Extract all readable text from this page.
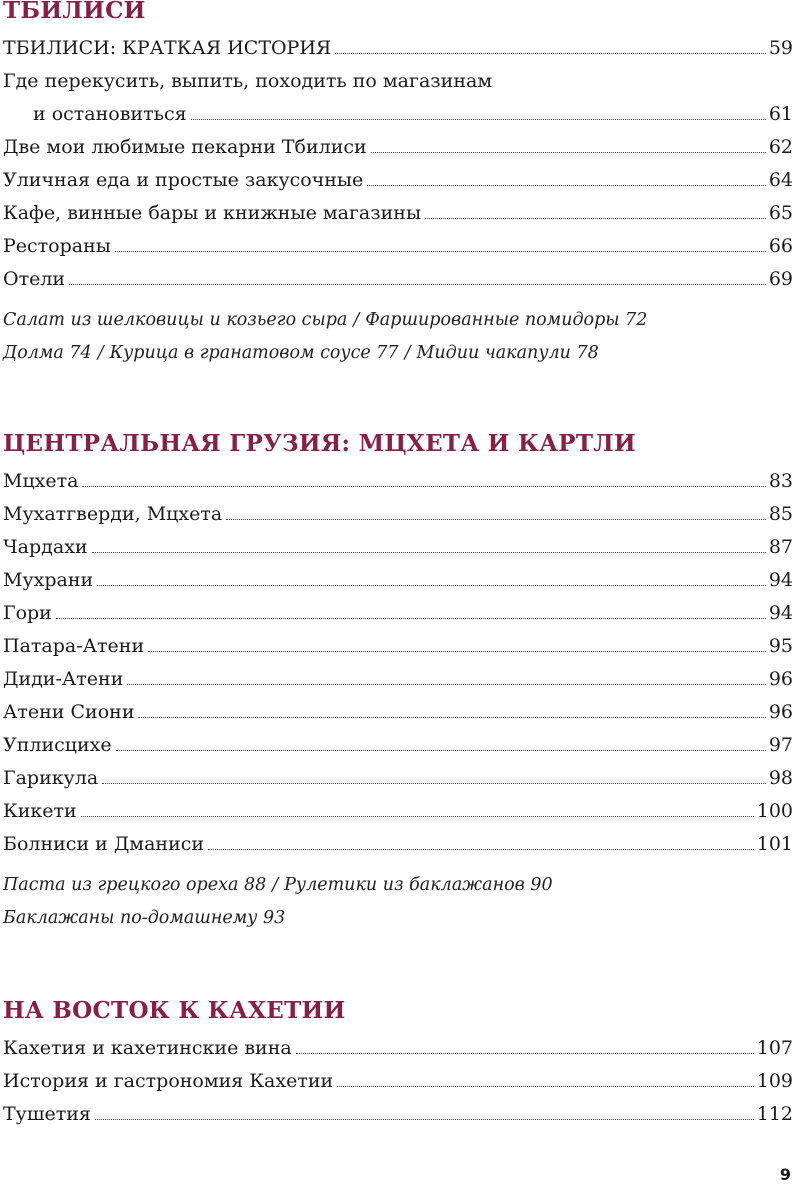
ТБИЛИСИ
ТБИЛИСИ: КРАТКАЯ ИСТОРИЯ	59
Где перекусить, выпить, походить по магазинам
и остановиться	61
Две мои любимые пекарни Тбилиси	62
Уличная еда и простые закусочные	64
Кафе, винные бары и книжные магазины	65
Рестораны	66
Отели	69
Салат из шелковицы и козьего сыра / Фаршированные помидоры 72
Долма 74 / Курица в гранатовом соусе 77 / Мидии чакапули 78
ЦЕНТРАЛЬНАЯ ГРУЗИЯ: МЦХЕТА И КАРТЛИ
Мцхета	83
Мухатгверди, Мцхета	85
Чардахи	87
Мухрани	94
Гори	94
Патара-Атени	95
Диди-Атени	96
Атени Сиони	96
Уплисцихе	97
Гарикула	98
Кикети	100
Болниси и Дманиси	101
Паста из грецкого ореха 88 / Рулетики из баклажанов 90
Баклажаны по-домашнему 93
НА ВОСТОК К КАХЕТИИ
Кахетия и кахетинские вина	107
История и гастрономия Кахетии	109
Тушетия	112
9
